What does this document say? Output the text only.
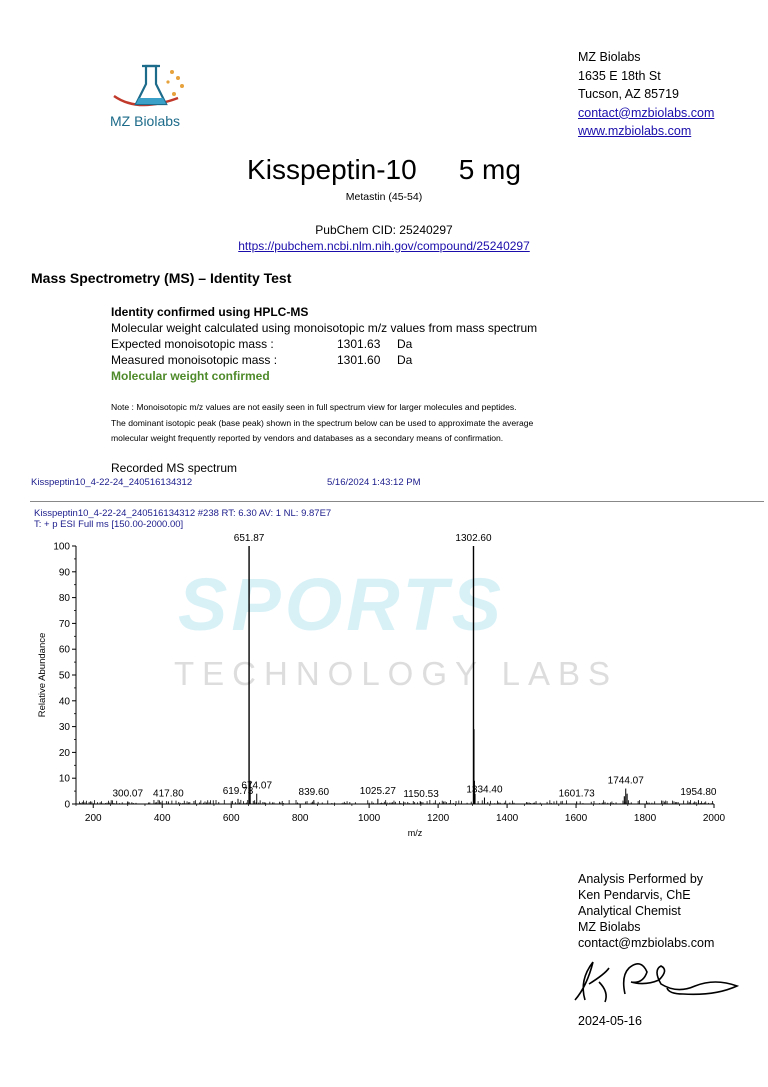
MZ Biolabs
MZ Biolabs
1635 E 18th St
Tucson, AZ 85719
contact@mzbiolabs.com
www.mzbiolabs.com
Kisspeptin-10 5 mg
Metastin (45-54)
PubChem CID: 25240297
https://pubchem.ncbi.nlm.nih.gov/compound/25240297
SPORTS
TECHNOLOGY LABS
Mass Spectrometry (MS) – Identity Test
Identity confirmed using HPLC-MS
Molecular weight calculated using monoisotopic m/z values from mass spectrum
Expected monoisotopic mass :	1301.63 Da
Measured monoisotopic mass :	1301.60 Da
Molecular weight confirmed
Note : Monoisotopic m/z values are not easily seen in full spectrum view for larger molecules and peptides.
The dominant isotopic peak (base peak) shown in the spectrum below can be used to approximate the average
molecular weight frequently reported by vendors and databases as a secondary means of confirmation.
Recorded MS spectrum
Kisspeptin10_4-22-24_240516134312	5/16/2024 1:43:12 PM
Kisspeptin10_4-22-24_240516134312 #238 RT: 6.30 AV: 1 NL: 9.87E7
T: + p ESI Full ms [150.00-2000.00]
0
10
20
30
40
50
60
70
80
90
100
200	400	600	800	1000	1200	1400	1600	1800	2000
m/z
Relative Abundance
300.07 417.80	619.73
651.87
674.07
839.60	1025.27 1150.53
1302.60
1334.40	1601.73
1744.07
1954.80
Analysis Performed by
Ken Pendarvis, ChE
Analytical Chemist
MZ Biolabs
contact@mzbiolabs.com
2024-05-16
